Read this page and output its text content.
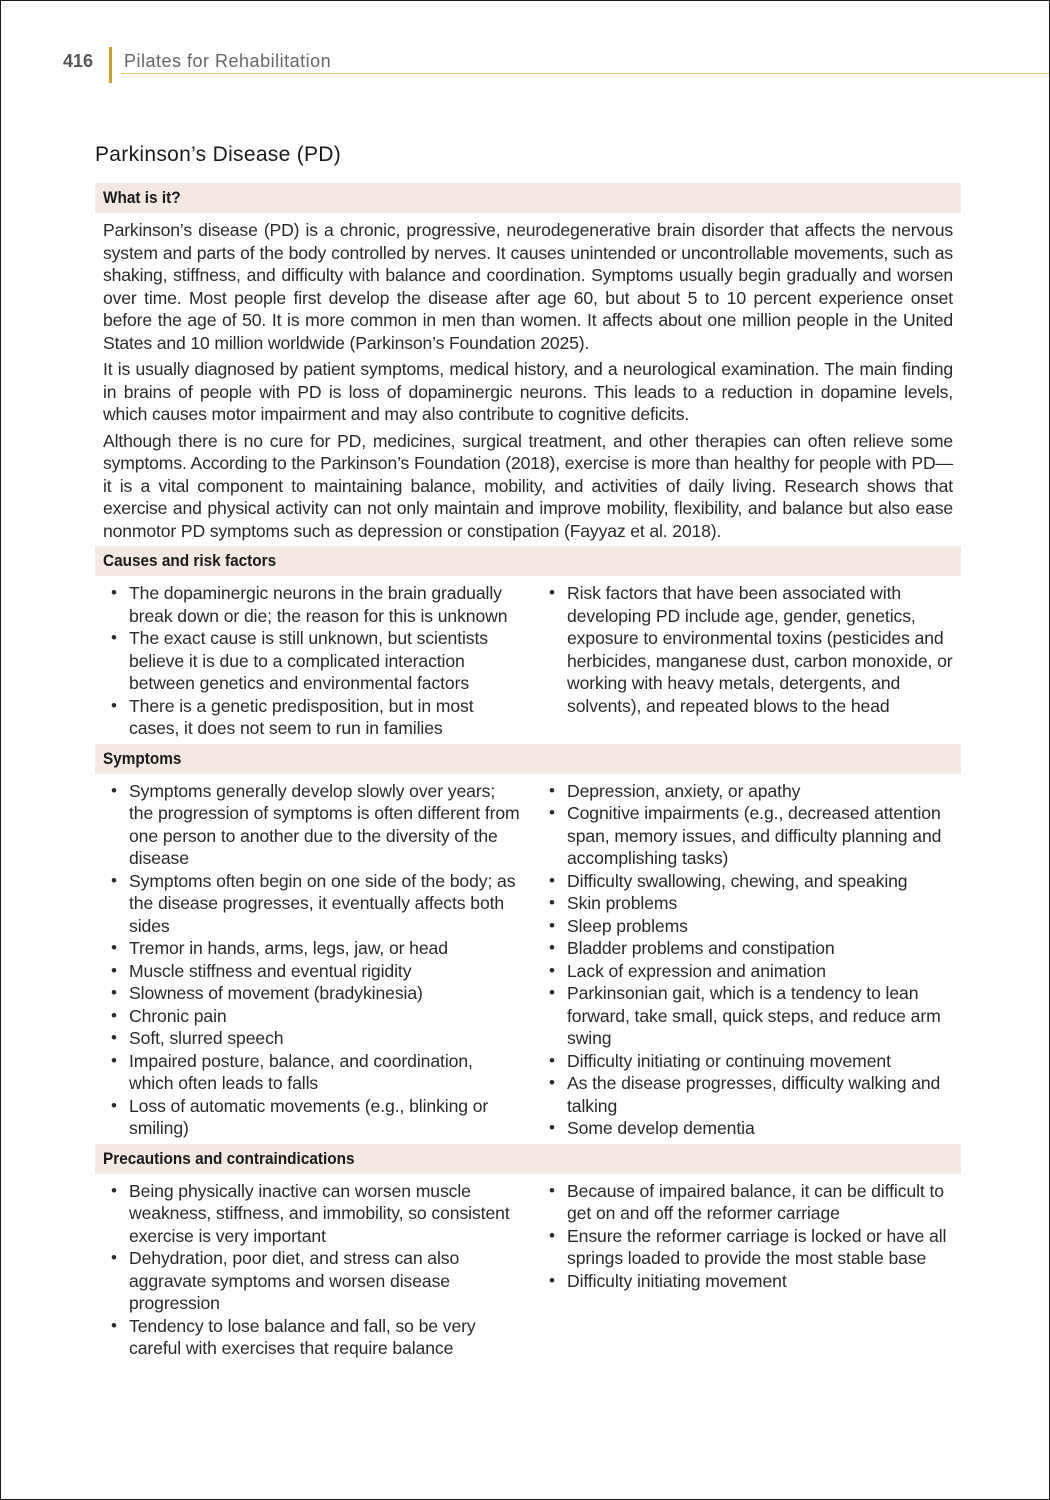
416	Pilates for Rehabilitation
Parkinson’s Disease (PD)
What is it?

Parkinson’s disease (PD) is a chronic, progressive, neurodegenerative brain disorder that affects the nervous system and parts of the body controlled by nerves. It causes unintended or uncontrollable movements, such as shaking, stiffness, and difficulty with balance and coordination. Symptoms usually begin gradually and worsen over time. Most people first develop the disease after age 60, but about 5 to 10 percent experience onset before the age of 50. It is more common in men than women. It affects about one million people in the United States and 10 million worldwide (Parkinson’s Foundation 2025).

It is usually diagnosed by patient symptoms, medical history, and a neurological examination. The main finding in brains of people with PD is loss of dopaminergic neurons. This leads to a reduction in dopamine levels, which causes motor impairment and may also contribute to cognitive deficits.

Although there is no cure for PD, medicines, surgical treatment, and other therapies can often relieve some symptoms. According to the Parkinson’s Foundation (2018), exercise is more than healthy for people with PD—it is a vital component to maintaining balance, mobility, and activities of daily living. Research shows that exercise and physical activity can not only maintain and improve mobility, flexibility, and balance but also ease nonmotor PD symptoms such as depression or constipation (Fayyaz et al. 2018).

Causes and risk factors
• The dopaminergic neurons in the brain gradually break down or die; the reason for this is unknown
• The exact cause is still unknown, but scientists believe it is due to a complicated interaction between genetics and environmental factors
• There is a genetic predisposition, but in most cases, it does not seem to run in families
• Risk factors that have been associated with developing PD include age, gender, genetics, exposure to environmental toxins (pesticides and herbicides, manganese dust, carbon monoxide, or working with heavy metals, detergents, and solvents), and repeated blows to the head
Symptoms
• Symptoms generally develop slowly over years; the progression of symptoms is often different from one person to another due to the diversity of the disease
• Symptoms often begin on one side of the body; as the disease progresses, it eventually affects both sides
• Tremor in hands, arms, legs, jaw, or head
• Muscle stiffness and eventual rigidity
• Slowness of movement (bradykinesia)
• Chronic pain
• Soft, slurred speech
• Impaired posture, balance, and coordination, which often leads to falls
• Loss of automatic movements (e.g., blinking or smiling)
• Depression, anxiety, or apathy
• Cognitive impairments (e.g., decreased attention span, memory issues, and difficulty planning and accomplishing tasks)
• Difficulty swallowing, chewing, and speaking
• Skin problems
• Sleep problems
• Bladder problems and constipation
• Lack of expression and animation
• Parkinsonian gait, which is a tendency to lean forward, take small, quick steps, and reduce arm swing
• Difficulty initiating or continuing movement
• As the disease progresses, difficulty walking and talking
• Some develop dementia
Precautions and contraindications
• Being physically inactive can worsen muscle weakness, stiffness, and immobility, so consistent exercise is very important
• Dehydration, poor diet, and stress can also aggravate symptoms and worsen disease progression
• Tendency to lose balance and fall, so be very careful with exercises that require balance
• Because of impaired balance, it can be difficult to get on and off the reformer carriage
• Ensure the reformer carriage is locked or have all springs loaded to provide the most stable base
• Difficulty initiating movement
